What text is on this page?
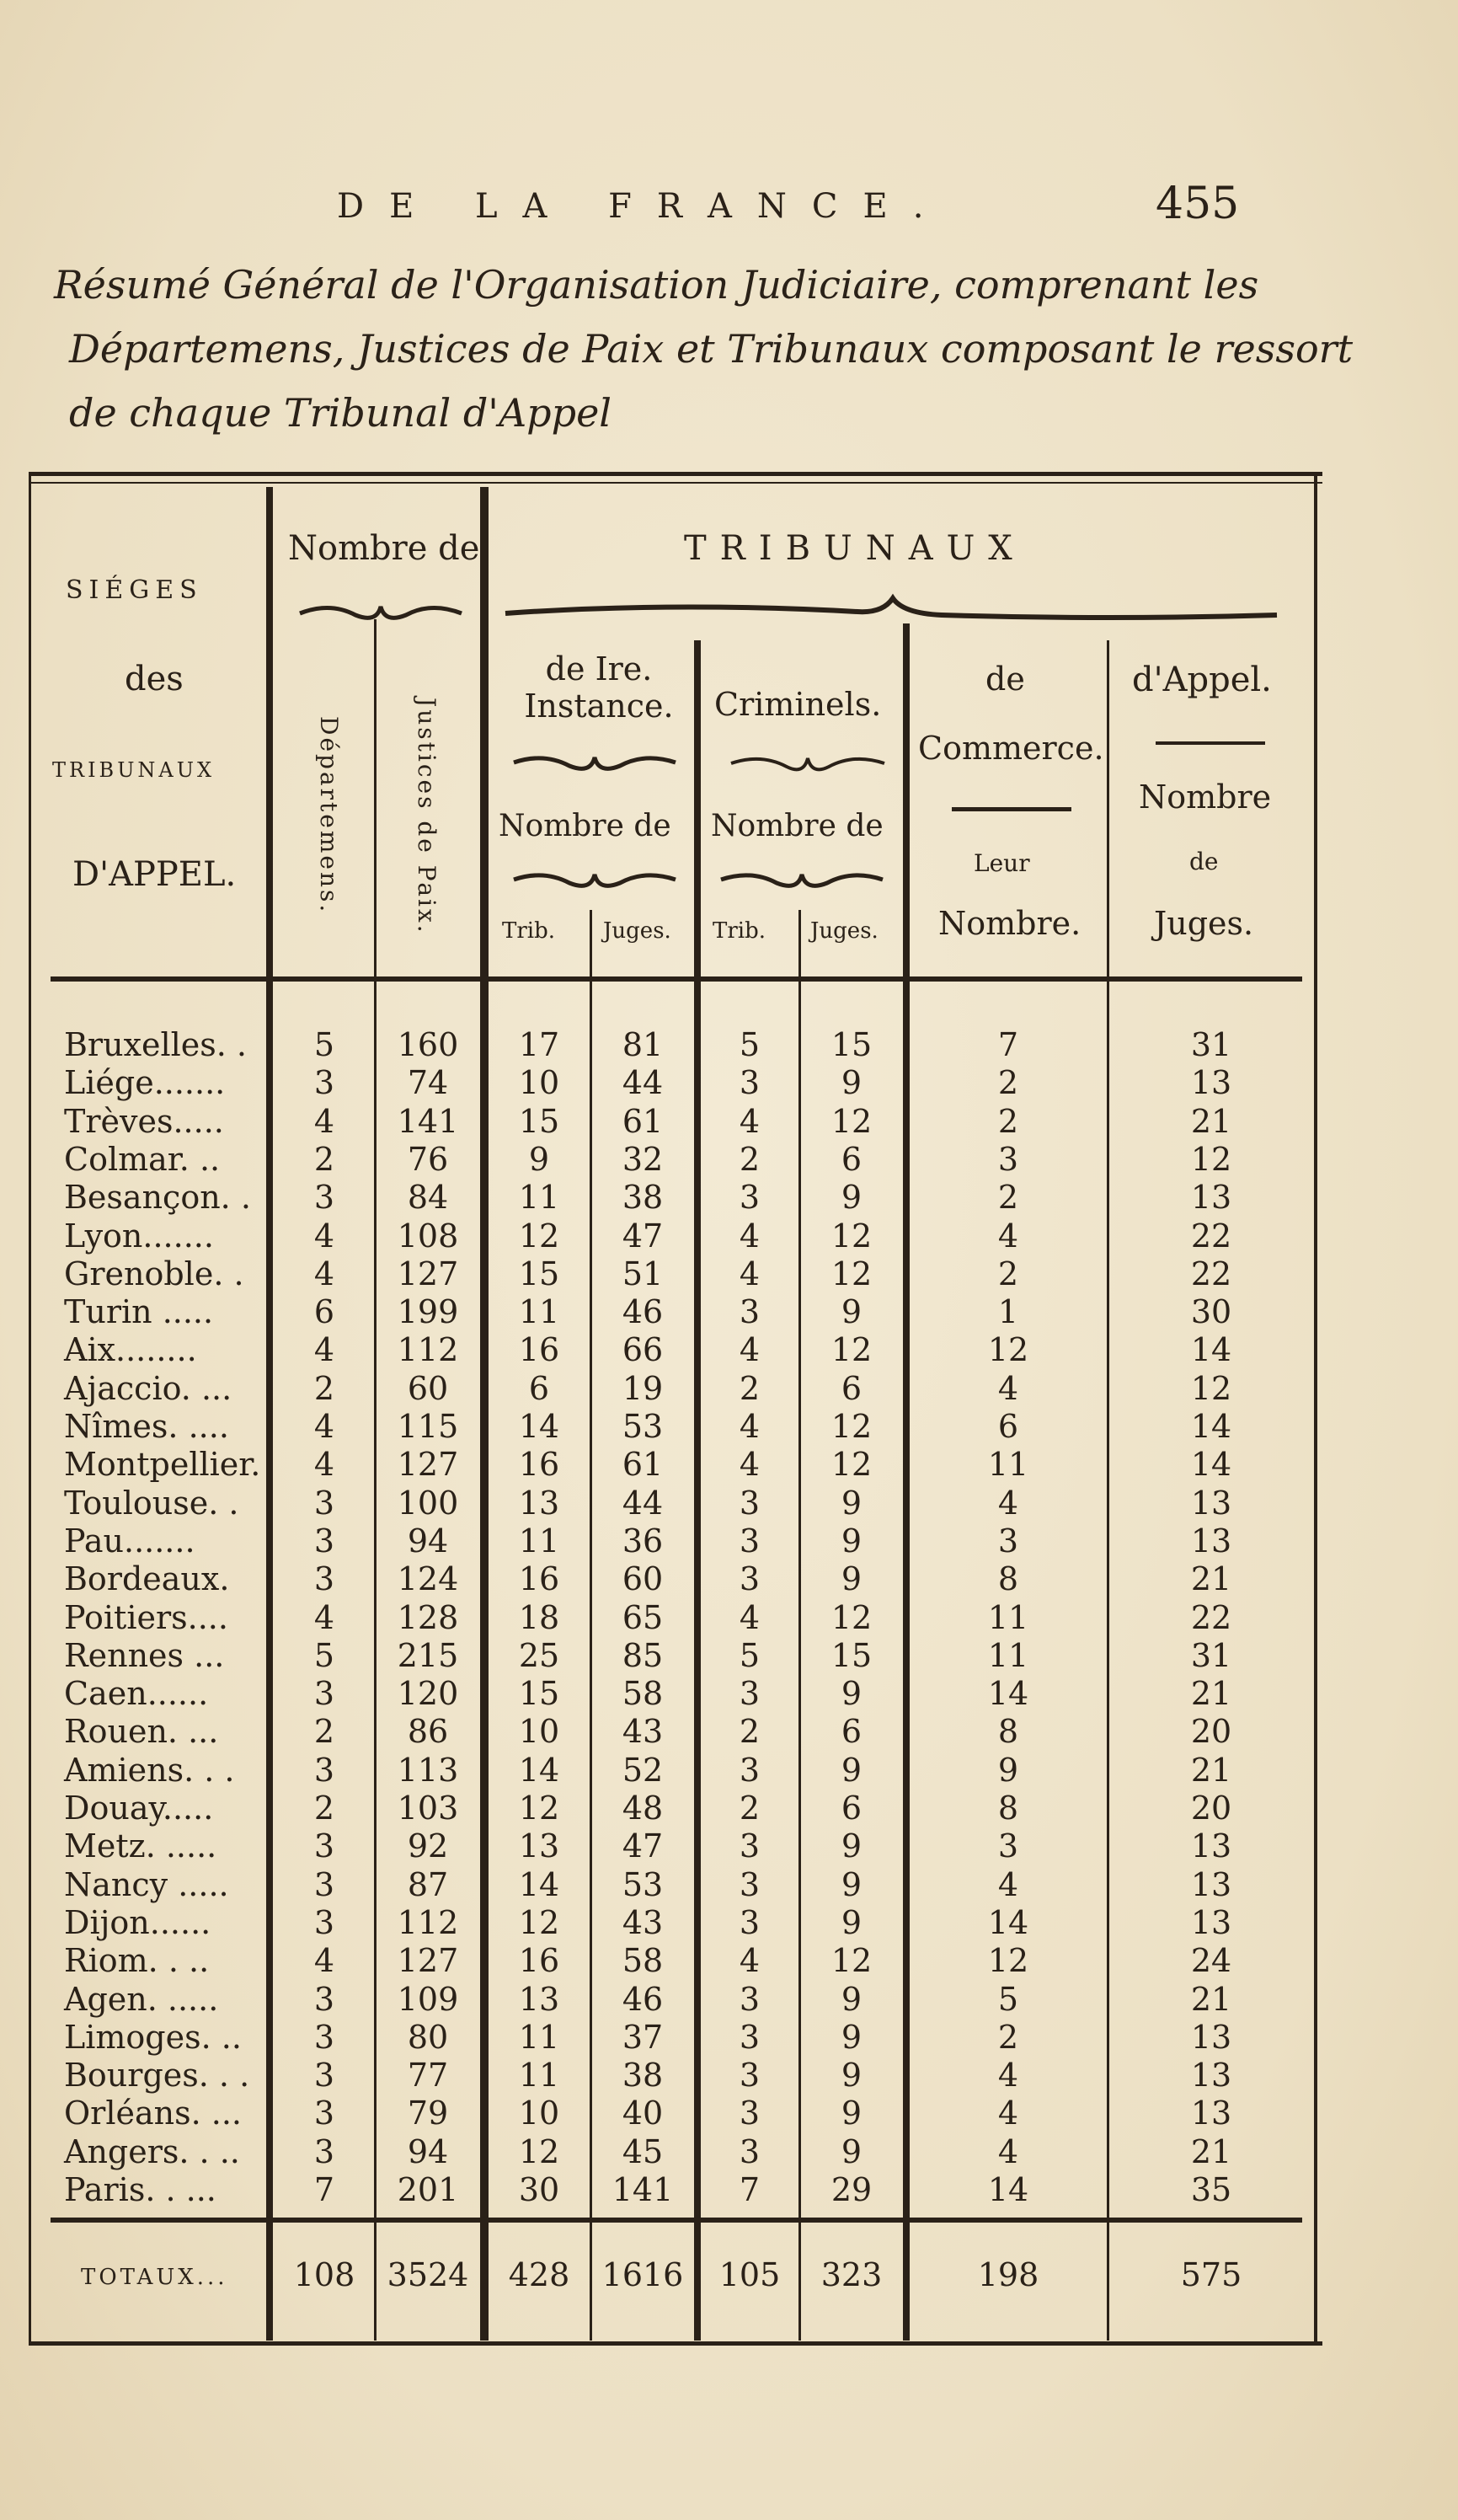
DE LA FRANCE.	455
Résumé Général de l'Organisation Judiciaire, comprenant les
Départemens, Justices de Paix et Tribunaux composant le ressort
de chaque Tribunal d'Appel
SIÉGES
des
TRIBUNAUX
D'APPEL.
Nombre de
Départemens.	Justices de Paix.
TRIBUNAUX
de Ire. Instance.
Nombre de
Trib. Juges.
Criminels.
Nombre de
Trib. Juges.
de
Commerce.
Leur
Nombre.
d'Appel.
Nombre
de
Juges.
Bruxelles. .	5	160	17	81	5	15	7	31
Liége.......	3	74	10	44	3	9	2	13
Trèves.....	4	141	15	61	4	12	2	21
Colmar. ..	2	76	9	32	2	6	3	12
Besançon. .	3	84	11	38	3	9	2	13
Lyon.......	4	108	12	47	4	12	4	22
Grenoble. .	4	127	15	51	4	12	2	22
Turin .....	6	199	11	46	3	9	1	30
Aix........	4	112	16	66	4	12	12	14
Ajaccio. ...	2	60	6	19	2	6	4	12
Nîmes. ....	4	115	14	53	4	12	6	14
Montpellier.	4	127	16	61	4	12	11	14
Toulouse. .	3	100	13	44	3	9	4	13
Pau.......	3	94	11	36	3	9	3	13
Bordeaux.	3	124	16	60	3	9	8	21
Poitiers....	4	128	18	65	4	12	11	22
Rennes ...	5	215	25	85	5	15	11	31
Caen......	3	120	15	58	3	9	14	21
Rouen. ...	2	86	10	43	2	6	8	20
Amiens. . .	3	113	14	52	3	9	9	21
Douay.....	2	103	12	48	2	6	8	20
Metz. .....	3	92	13	47	3	9	3	13
Nancy .....	3	87	14	53	3	9	4	13
Dijon......	3	112	12	43	3	9	14	13
Riom. . ..	4	127	16	58	4	12	12	24
Agen. .....	3	109	13	46	3	9	5	21
Limoges. ..	3	80	11	37	3	9	2	13
Bourges. . .	3	77	11	38	3	9	4	13
Orléans. ...	3	79	10	40	3	9	4	13
Angers. . ..	3	94	12	45	3	9	4	21
Paris. . ...	7	201	30	141	7	29	14	35
TOTAUX...	108	3524	428	1616	105	323	198	575
